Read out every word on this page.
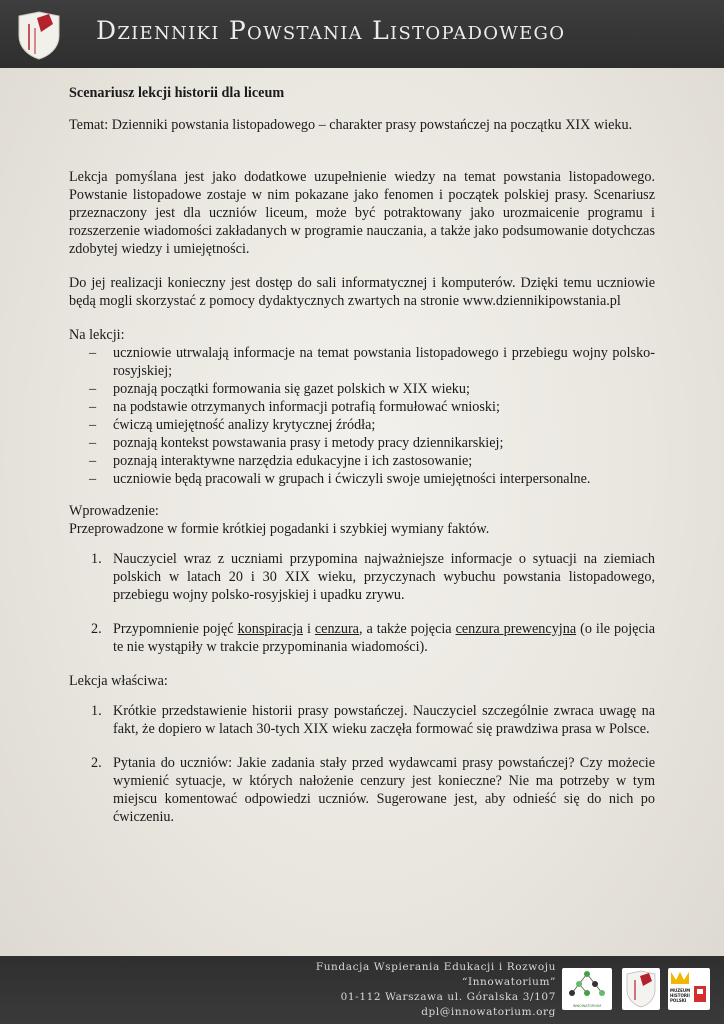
Dzienniki Powstania Listopadowego

Scenariusz lekcji historii dla liceum

Temat: Dzienniki powstania listopadowego – charakter prasy powstańczej na początku XIX wieku.

Lekcja pomyślana jest jako dodatkowe uzupełnienie wiedzy na temat powstania listopadowego. Powstanie listopadowe zostaje w nim pokazane jako fenomen i początek polskiej prasy. Scenariusz przeznaczony jest dla uczniów liceum, może być potraktowany jako urozmaicenie programu i rozszerzenie wiadomości zakładanych w programie nauczania, a także jako podsumowanie dotychczas zdobytej wiedzy i umiejętności.

Do jej realizacji konieczny jest dostęp do sali informatycznej i komputerów. Dzięki temu uczniowie będą mogli skorzystać z pomocy dydaktycznych zwartych na stronie www.dziennikipowstania.pl

Na lekcji:

– uczniowie utrwalają informacje na temat powstania listopadowego i przebiegu wojny polsko-rosyjskiej;
– poznają początki formowania się gazet polskich w XIX wieku;
– na podstawie otrzymanych informacji potrafią formułować wnioski;
– ćwiczą umiejętność analizy krytycznej źródła;
– poznają kontekst powstawania prasy i metody pracy dziennikarskiej;
– poznają interaktywne narzędzia edukacyjne i ich zastosowanie;
– uczniowie będą pracowali w grupach i ćwiczyli swoje umiejętności interpersonalne.

Wprowadzenie:

Przeprowadzone w formie krótkiej pogadanki i szybkiej wymiany faktów.

1. Nauczyciel wraz z uczniami przypomina najważniejsze informacje o sytuacji na ziemiach polskich w latach 20 i 30 XIX wieku, przyczynach wybuchu powstania listopadowego, przebiegu wojny polsko-rosyjskiej i upadku zrywu.
2. Przypomnienie pojęć konspiracja i cenzura, a także pojęcia cenzura prewencyjna (o ile pojęcia te nie wystąpiły w trakcie przypominania wiadomości).

Lekcja właściwa:

1. Krótkie przedstawienie historii prasy powstańczej. Nauczyciel szczególnie zwraca uwagę na fakt, że dopiero w latach 30-tych XIX wieku zaczęła formować się prawdziwa prasa w Polsce.
2. Pytania do uczniów: Jakie zadania stały przed wydawcami prasy powstańczej? Czy możecie wymienić sytuacje, w których nałożenie cenzury jest konieczne? Nie ma potrzeby w tym miejscu komentować odpowiedzi uczniów. Sugerowane jest, aby odnieść się do nich po ćwiczeniu.
Fundacja Wspierania Edukacji i Rozwoju
“Innowatorium”
01-112 Warszawa ul. Góralska 3/107
dpl@innowatorium.org	INNOWATORIUM
MUZEUM HISTORII POLSKI
